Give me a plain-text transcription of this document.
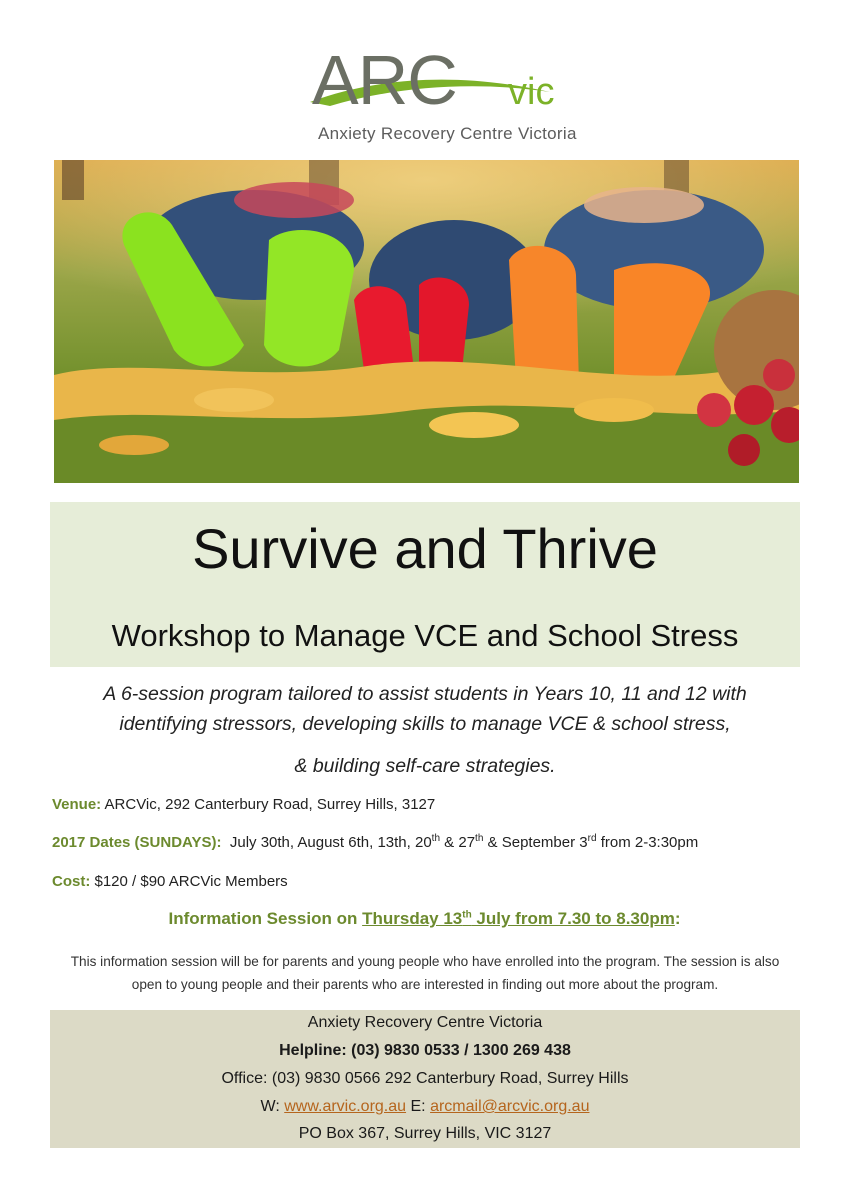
ARC vic
Anxiety Recovery Centre Victoria
Survive and Thrive
Workshop to Manage VCE and School Stress
A 6-session program tailored to assist students in Years 10, 11 and 12 with
identifying stressors, developing skills to manage VCE & school stress,
& building self-care strategies.
Venue: ARCVic, 292 Canterbury Road, Surrey Hills, 3127
2017 Dates (SUNDAYS): July 30th, August 6th, 13th, 20th & 27th & September 3rd from 2-3:30pm
Cost: $120 / $90 ARCVic Members
Information Session on Thursday 13th July from 7.30 to 8.30pm:
This information session will be for parents and young people who have enrolled into the program. The session is also open to young people and their parents who are interested in finding out more about the program.
Anxiety Recovery Centre Victoria
Helpline: (03) 9830 0533 / 1300 269 438
Office: (03) 9830 0566 292 Canterbury Road, Surrey Hills
W: www.arvic.org.au E: arcmail@arcvic.org.au
PO Box 367, Surrey Hills, VIC 3127
